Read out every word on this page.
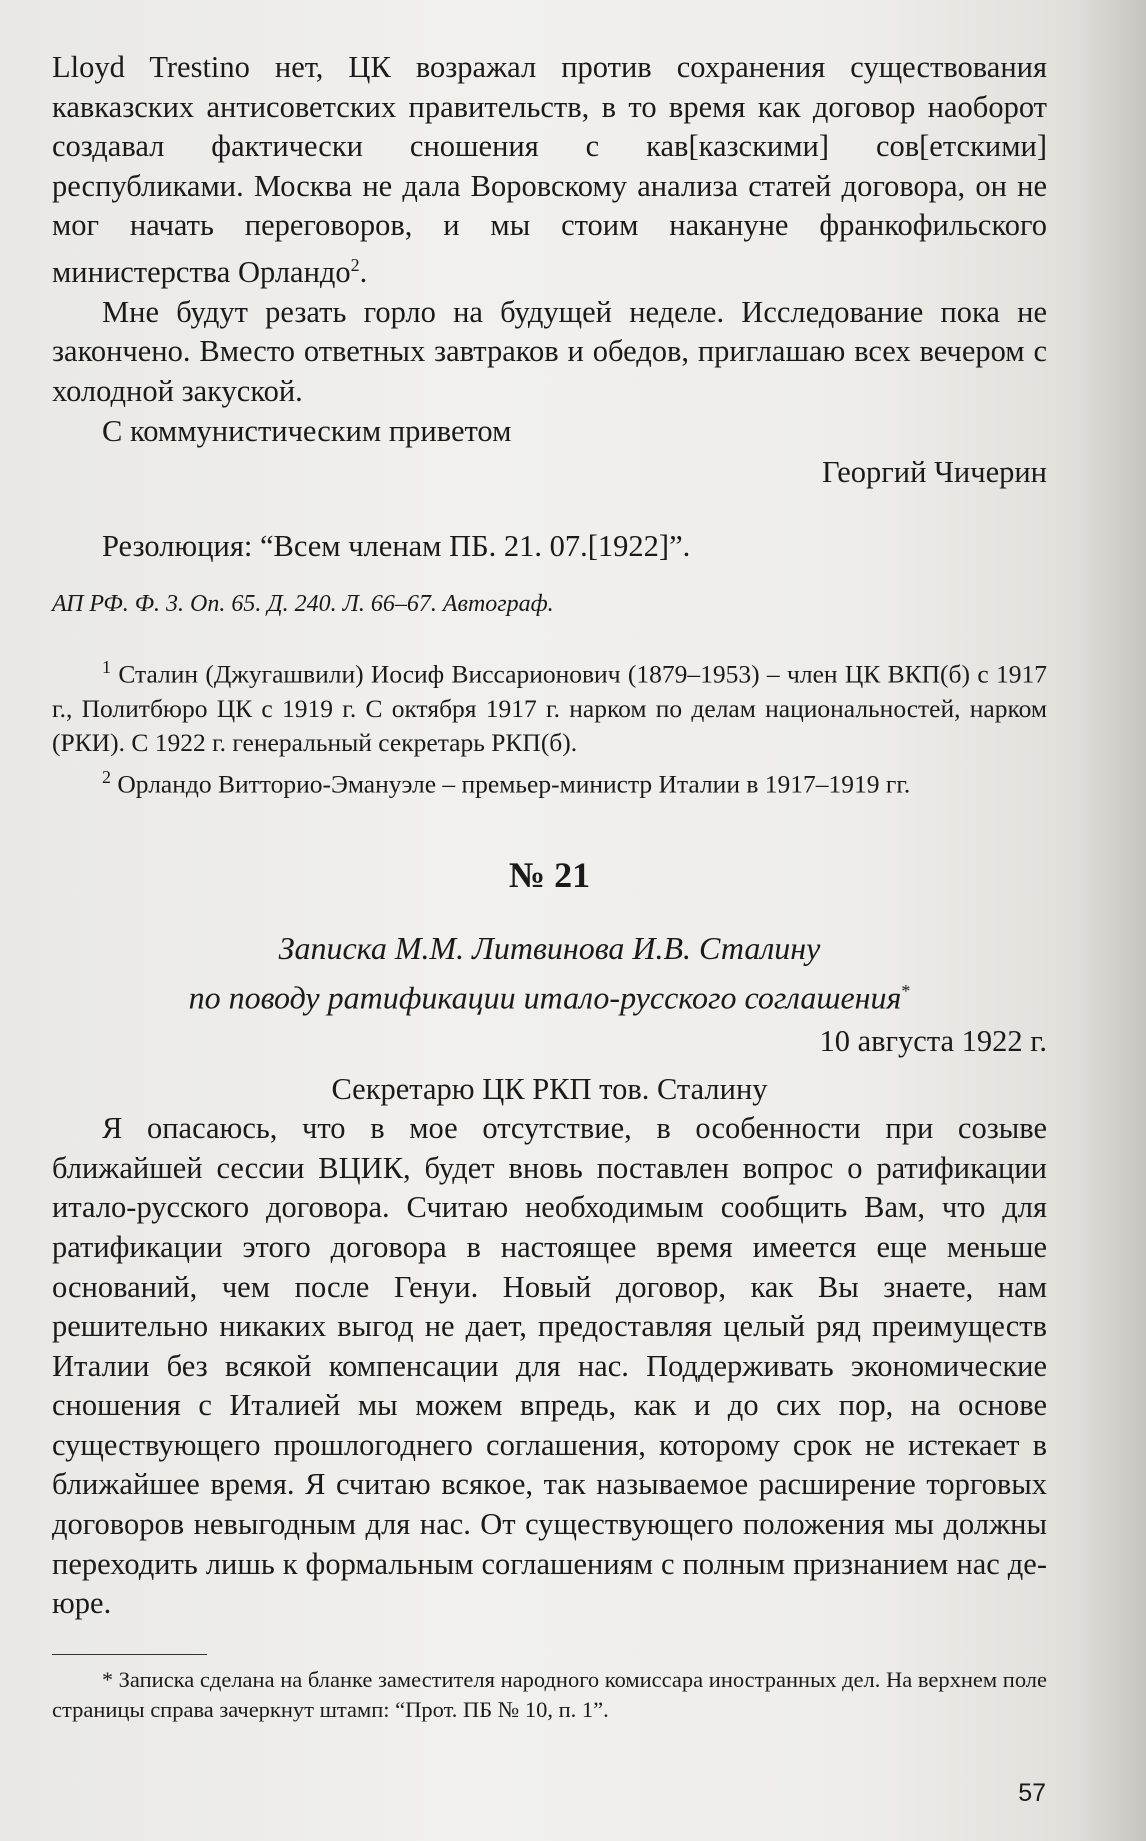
Lloyd Trestino нет, ЦК возражал против сохранения существования кавказских антисоветских правительств, в то время как договор наоборот создавал фактически сношения с кав[казскими] сов[етскими] республиками. Москва не дала Воровскому анализа статей договора, он не мог начать переговоров, и мы стоим накануне франкофильского министерства Орландо$^2$.

Мне будут резать горло на будущей неделе. Исследование пока не закончено. Вместо ответных завтраков и обедов, приглашаю всех вечером с холодной закуской.

С коммунистическим приветом

Георгий Чичерин

Резолюция: “Всем членам ПБ. 21. 07.[1922]”.

АП РФ. Ф. 3. Оп. 65. Д. 240. Л. 66–67. Автограф.

$^1$ Сталин (Джугашвили) Иосиф Виссарионович (1879–1953) – член ЦК ВКП(б) с 1917 г., Политбюро ЦК с 1919 г. С октября 1917 г. нарком по делам национальностей, нарком (РКИ). С 1922 г. генеральный секретарь РКП(б).

$^2$ Орландо Витторио-Эмануэле – премьер-министр Италии в 1917–1919 гг.

№ 21

Записка М.М. Литвинова И.В. Сталину
по поводу ратификации итало-русского соглашения*

10 августа 1922 г.

Секретарю ЦК РКП тов. Сталину

Я опасаюсь, что в мое отсутствие, в особенности при созыве ближайшей сессии ВЦИК, будет вновь поставлен вопрос о ратификации итало-русского договора. Считаю необходимым сообщить Вам, что для ратификации этого договора в настоящее время имеется еще меньше оснований, чем после Генуи. Новый договор, как Вы знаете, нам решительно никаких выгод не дает, предоставляя целый ряд преимуществ Италии без всякой компенсации для нас. Поддерживать экономические сношения с Италией мы можем впредь, как и до сих пор, на основе существующего прошлогоднего соглашения, которому срок не истекает в ближайшее время. Я считаю всякое, так называемое расширение торговых договоров невыгодным для нас. От существующего положения мы должны переходить лишь к формальным соглашениям с полным признанием нас де-юре.

* Записка сделана на бланке заместителя народного комиссара иностранных дел. На верхнем поле страницы справа зачеркнут штамп: “Прот. ПБ № 10, п. 1”.

57
